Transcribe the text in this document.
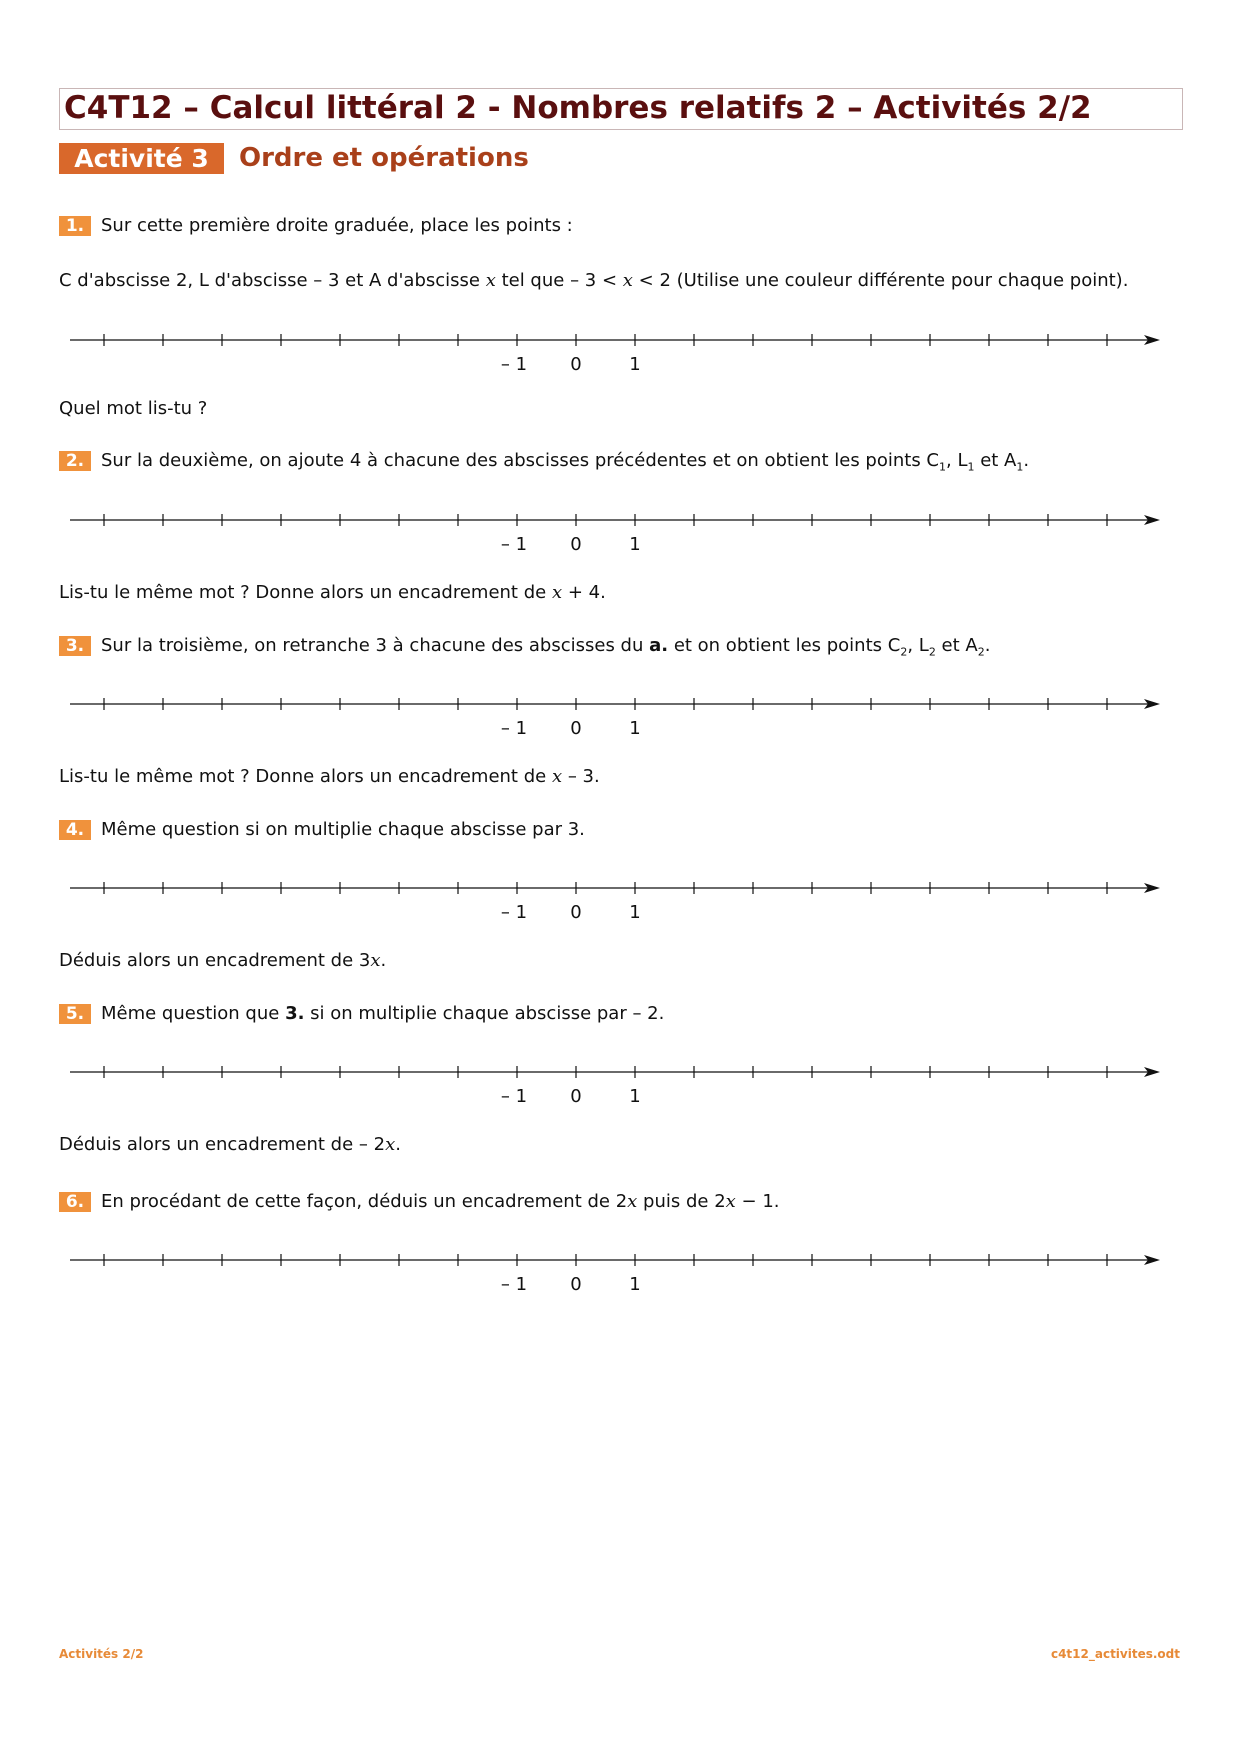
C4T12 – Calcul littéral 2 - Nombres relatifs 2 – Activités 2/2
Activité 3	Ordre et opérations
1. Sur cette première droite graduée, place les points :
C d'abscisse 2, L d'abscisse – 3 et A d'abscisse x tel que – 3 < x < 2 (Utilise une couleur différente pour chaque point).
– 1 0	1
Quel mot lis-tu ?
2. Sur la deuxième, on ajoute 4 à chacune des abscisses précédentes et on obtient les points $C_1$, $L_1$ et $A_1$.
– 1 0	1
Lis-tu le même mot ? Donne alors un encadrement de x + 4.
3. Sur la troisième, on retranche 3 à chacune des abscisses du a. et on obtient les points $C_2$, $L_2$ et $A_2$.
– 1 0	1
Lis-tu le même mot ? Donne alors un encadrement de x – 3.
4. Même question si on multiplie chaque abscisse par 3.
– 1 0	1
Déduis alors un encadrement de 3x.
5. Même question que 3. si on multiplie chaque abscisse par – 2.
– 1 0	1
Déduis alors un encadrement de – 2x.
6. En procédant de cette façon, déduis un encadrement de 2x puis de 2x − 1.
– 1 0	1
Activités 2/2	c4t12_activites.odt
